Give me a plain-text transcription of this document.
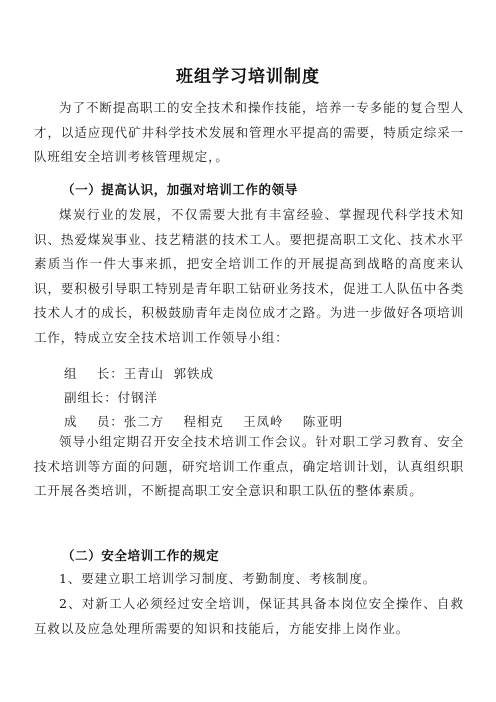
班组学习培训制度

为了不断提高职工的安全技术和操作技能，培养一专多能的复合型人才，以适应现代矿井科学技术发展和管理水平提高的需要，特质定综采一队班组安全培训考核管理规定，。

（一）提高认识，加强对培训工作的领导

煤炭行业的发展，不仅需要大批有丰富经验、掌握现代科学技术知识、热爱煤炭事业、技艺精湛的技术工人。要把提高职工文化、技术水平素质当作一件大事来抓，把安全培训工作的开展提高到战略的高度来认识，要积极引导职工特别是青年职工钻研业务技术，促进工人队伍中各类技术人才的成长，积极鼓励青年走岗位成才之路。为进一步做好各项培训工作，特成立安全技术培训工作领导小组：

组    长：王青山  郭铁成

副组长：付钢洋

成    员：张二方    程相克    王凤岭    陈亚明

领导小组定期召开安全技术培训工作会议。针对职工学习教育、安全技术培训等方面的问题，研究培训工作重点，确定培训计划，认真组织职工开展各类培训，不断提高职工安全意识和职工队伍的整体素质。

（二）安全培训工作的规定

1、要建立职工培训学习制度、考勤制度、考核制度。

2、对新工人必须经过安全培训，保证其具备本岗位安全操作、自救互救以及应急处理所需要的知识和技能后，方能安排上岗作业。
